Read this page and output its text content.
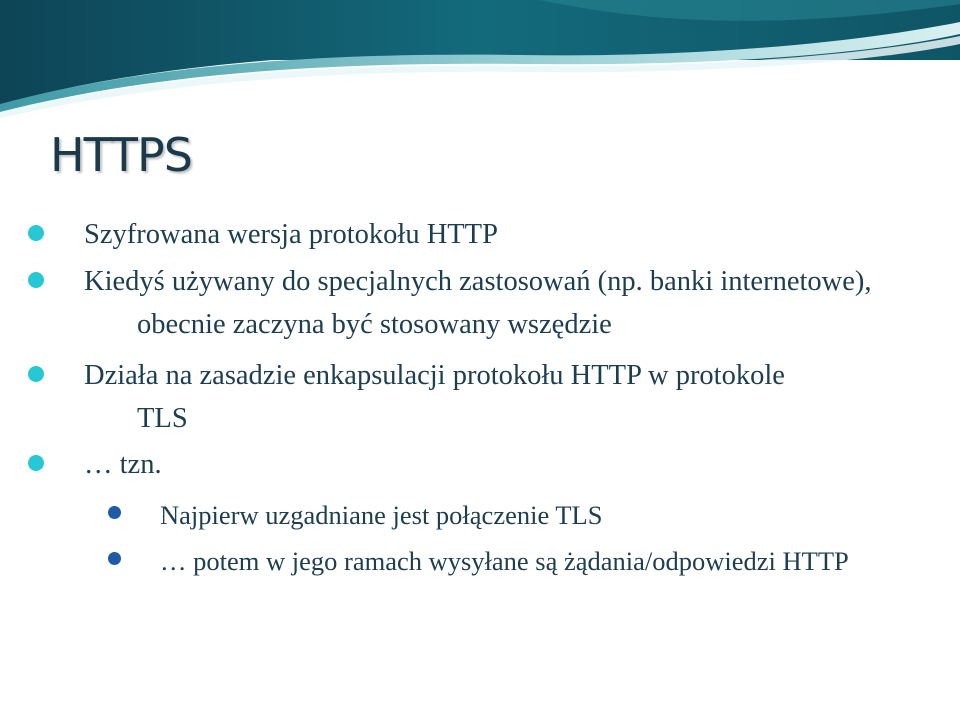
HTTPS
Szyfrowana wersja protokołu HTTP
Kiedyś używany do specjalnych zastosowań (np. banki internetowe), obecnie zaczyna być stosowany wszędzie
Działa na zasadzie enkapsulacji protokołu HTTP w protokole TLS
… tzn.
Najpierw uzgadniane jest połączenie TLS
… potem w jego ramach wysyłane są żądania/odpowiedzi HTTP
